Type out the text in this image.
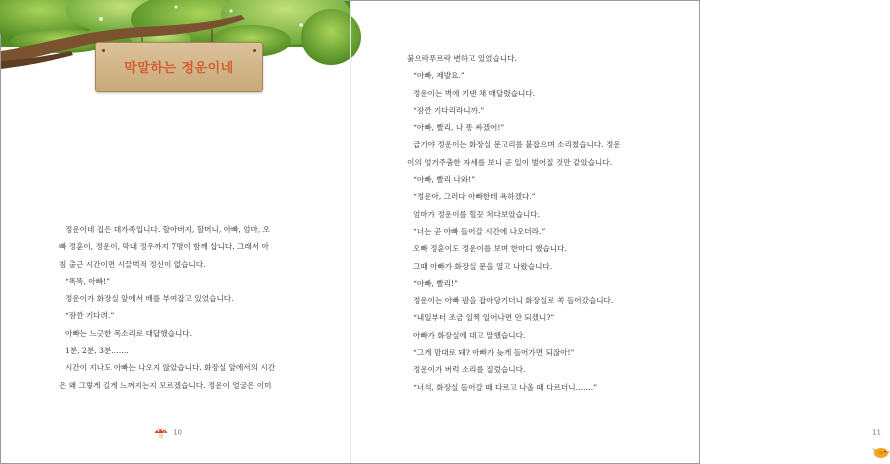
막말하는 정운이네
정운이네 집은 대가족입니다. 할아버지, 할머니, 아빠, 엄마, 오
빠 정훈이, 정운이, 막내 정우까지 7명이 함께 삽니다. 그래서 아
침 출근 시간이면 시끌벅적 정신이 없습니다.
“똑똑, 아빠!”
정운이가 화장실 앞에서 배를 부여잡고 있었습니다.
“잠깐 기다려.”
아빠는 느긋한 목소리로 대답했습니다.
1분, 2분, 3분…….
시간이 지나도 아빠는 나오지 않았습니다. 화장실 앞에서의 시간
은 왜 그렇게 길게 느껴지는지 모르겠습니다. 정운이 얼굴은 이미
10
붉으락푸르락 변하고 있었습니다.
“아빠, 제발요.”
정운이는 벽에 기댄 채 매달렸습니다.
“잠깐 기다리라니까.”
“아빠, 빨리, 나 똥 싸겠어!”
급기야 정운이는 화장실 문고리를 붙잡으며 소리쳤습니다. 정운
이의 엉거주춤한 자세를 보니 곧 일이 벌어질 것만 같았습니다.
“아빠, 빨리 나와!”
“정운아, 그러다 아빠한테 욕하겠다.”
엄마가 정운이를 힐끗 쳐다보았습니다.
“너는 곧 아빠 들어갈 시간에 나오더라.”
오빠 정훈이도 정운이를 보며 한마디 했습니다.
그때 아빠가 화장실 문을 열고 나왔습니다.
“아빠, 빨리!”
정운이는 아빠 팔을 잡아당기더니 화장실로 쏙 들어갔습니다.
“내일부터 조금 일찍 일어나면 안 되겠니?”
아빠가 화장실에 대고 말했습니다.
“그게 맘대로 돼? 아빠가 늦게 들어가면 되잖아!”
정운이가 버럭 소리를 질렀습니다.
“너석, 화장실 들어갈 때 다르고 나올 때 다르더니…….”
11
